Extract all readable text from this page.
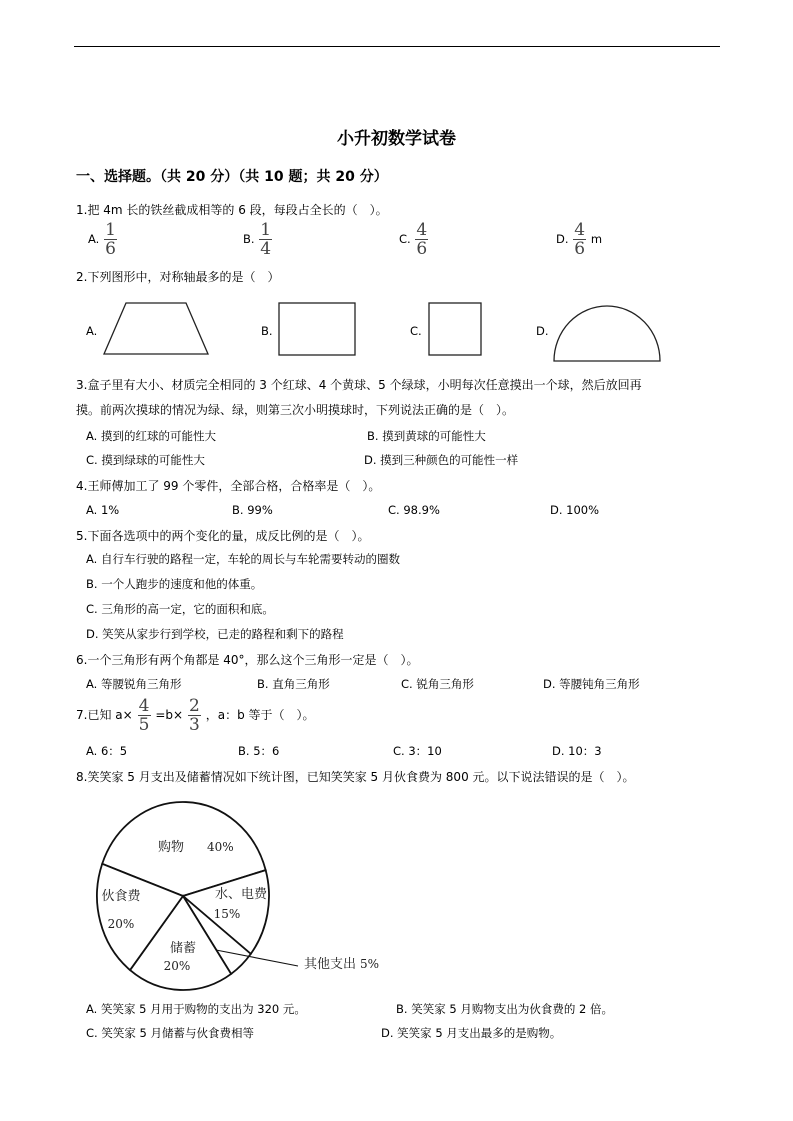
小升初数学试卷
一、选择题。（共 20 分）（共 10 题；共 20 分）
1.把 4m 长的铁丝截成相等的 6 段，每段占全长的（　）。
A. $\frac{1}{6}$	B. $\frac{1}{4}$	C. $\frac{4}{6}$	D. $\frac{4}{6}$ m
2.下列图形中，对称轴最多的是（　）
A.	B.	C.	D.
3.盒子里有大小、材质完全相同的 3 个红球、4 个黄球、5 个绿球，小明每次任意摸出一个球，然后放回再
摸。前两次摸球的情况为绿、绿，则第三次小明摸球时，下列说法正确的是（　）。
A. 摸到的红球的可能性大	B. 摸到黄球的可能性大
C. 摸到绿球的可能性大	D. 摸到三种颜色的可能性一样
4.王师傅加工了 99 个零件，全部合格，合格率是（　）。
A. 1%	B. 99%	C. 98.9%	D. 100%
5.下面各选项中的两个变化的量，成反比例的是（　）。
A. 自行车行驶的路程一定，车轮的周长与车轮需要转动的圈数
B. 一个人跑步的速度和他的体重。
C. 三角形的高一定，它的面积和底。
D. 笑笑从家步行到学校，已走的路程和剩下的路程
6.一个三角形有两个角都是 40°，那么这个三角形一定是（　）。
A. 等腰锐角三角形	B. 直角三角形	C. 锐角三角形	D. 等腰钝角三角形
7.已知 $a\times \frac{4}{5} =b\times \frac{2}{3}$ ，a：b 等于（　）。
A. 6：5	B. 5：6	C. 3：10	D. 10：3
8.笑笑家 5 月支出及储蓄情况如下统计图，已知笑笑家 5 月伙食费为 800 元。以下说法错误的是（　）。
购物 40%
水、电费
15%
其他支出 5%
储蓄
20%
伙食费
20%
A. 笑笑家 5 月用于购物的支出为 320 元。	B. 笑笑家 5 月购物支出为伙食费的 2 倍。
C. 笑笑家 5 月储蓄与伙食费相等	D. 笑笑家 5 月支出最多的是购物。
